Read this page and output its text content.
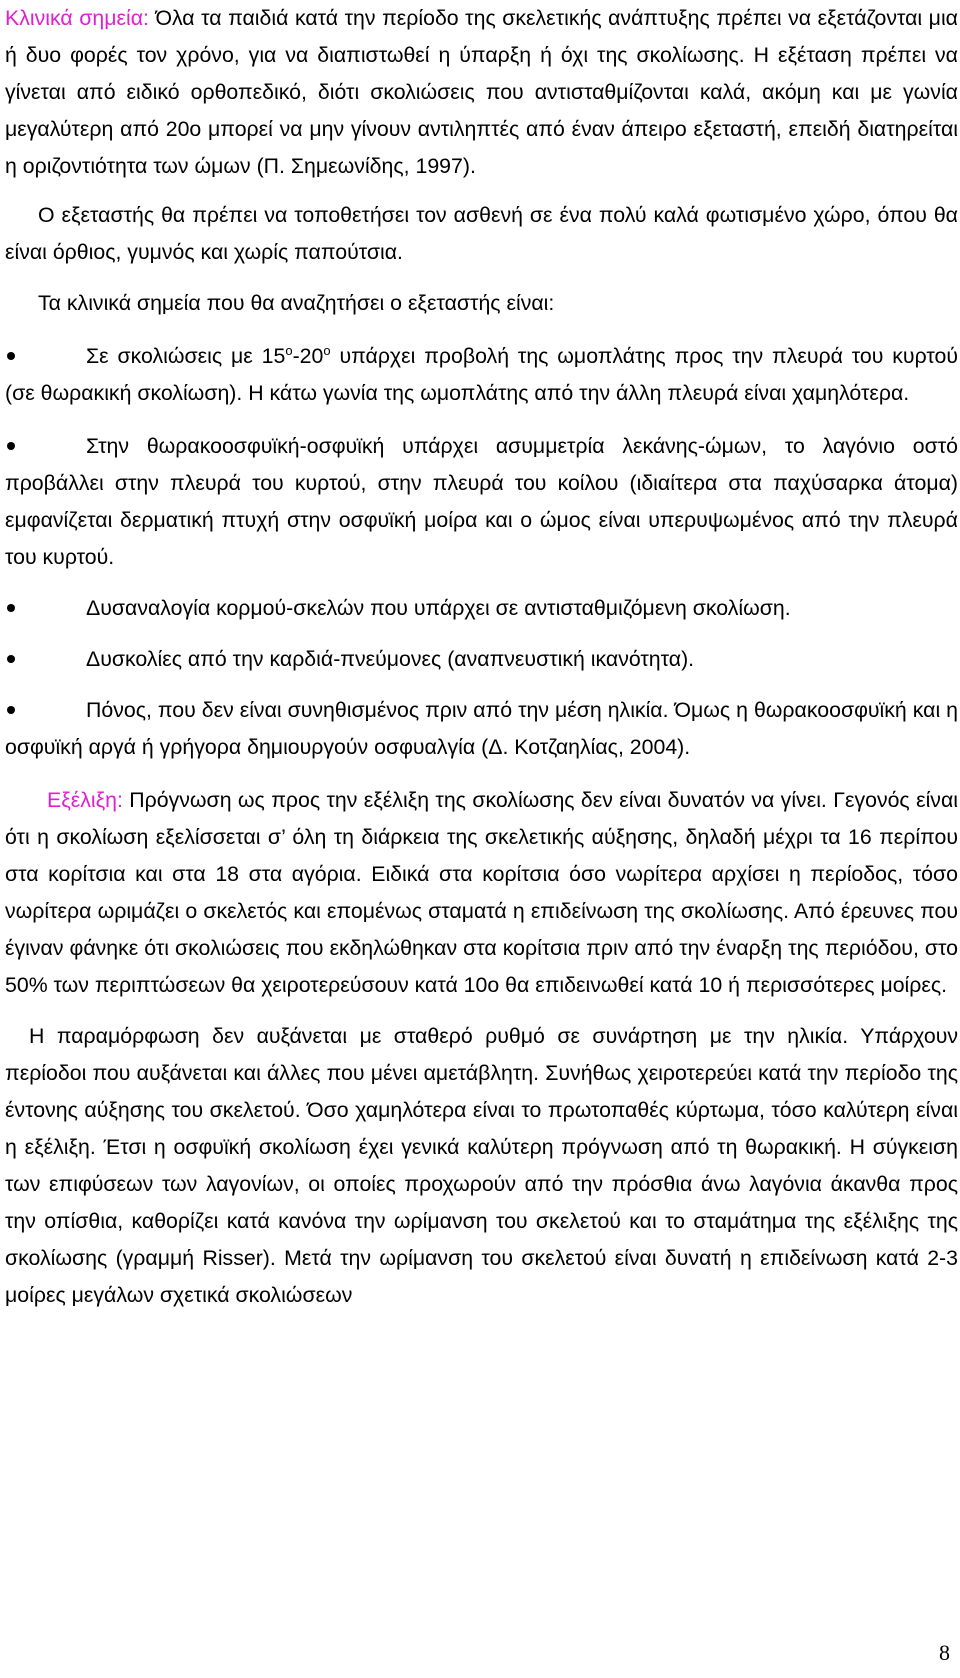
Κλινικά σημεία: Όλα τα παιδιά κατά την περίοδο της σκελετικής ανάπτυξης πρέπει να εξετάζονται μια ή δυο φορές τον χρόνο, για να διαπιστωθεί η ύπαρξη ή όχι της σκολίωσης. Η εξέταση πρέπει να γίνεται από ειδικό ορθοπεδικό, διότι σκολιώσεις που αντισταθμίζονται καλά, ακόμη και με γωνία μεγαλύτερη από 20ο μπορεί να μην γίνουν αντιληπτές από έναν άπειρο εξεταστή, επειδή διατηρείται η οριζοντιότητα των ώμων (Π. Σημεωνίδης, 1997).

Ο εξεταστής θα πρέπει να τοποθετήσει τον ασθενή σε ένα πολύ καλά φωτισμένο χώρο, όπου θα είναι όρθιος, γυμνός και χωρίς παπούτσια.

Τα κλινικά σημεία που θα αναζητήσει ο εξεταστής είναι:

Σε σκολιώσεις με $15^o-20^o$ υπάρχει προβολή της ωμοπλάτης προς την πλευρά του κυρτού (σε θωρακική σκολίωση). Η κάτω γωνία της ωμοπλάτης από την άλλη πλευρά είναι χαμηλότερα.

Στην θωρακοοσφυϊκή-οσφυϊκή υπάρχει ασυμμετρία λεκάνης-ώμων, το λαγόνιο οστό προβάλλει στην πλευρά του κυρτού, στην πλευρά του κοίλου (ιδιαίτερα στα παχύσαρκα άτομα) εμφανίζεται δερματική πτυχή στην οσφυϊκή μοίρα και ο ώμος είναι υπερυψωμένος από την πλευρά του κυρτού.

Δυσαναλογία κορμού-σκελών που υπάρχει σε αντισταθμιζόμενη σκολίωση.

Δυσκολίες από την καρδιά-πνεύμονες (αναπνευστική ικανότητα).

Πόνος, που δεν είναι συνηθισμένος πριν από την μέση ηλικία. Όμως η θωρακοοσφυϊκή και η οσφυϊκή αργά ή γρήγορα δημιουργούν οσφυαλγία (Δ. Κοτζαηλίας, 2004).

Εξέλιξη: Πρόγνωση ως προς την εξέλιξη της σκολίωσης δεν είναι δυνατόν να γίνει. Γεγονός είναι ότι η σκολίωση εξελίσσεται σ’ όλη τη διάρκεια της σκελετικής αύξησης, δηλαδή μέχρι τα 16 περίπου στα κορίτσια και στα 18 στα αγόρια. Ειδικά στα κορίτσια όσο νωρίτερα αρχίσει η περίοδος, τόσο νωρίτερα ωριμάζει ο σκελετός και επομένως σταματά η επιδείνωση της σκολίωσης. Από έρευνες που έγιναν φάνηκε ότι σκολιώσεις που εκδηλώθηκαν στα κορίτσια πριν από την έναρξη της περιόδου, στο 50% των περιπτώσεων θα χειροτερεύσουν κατά 10ο θα επιδεινωθεί κατά 10 ή περισσότερες μοίρες.

Η παραμόρφωση δεν αυξάνεται με σταθερό ρυθμό σε συνάρτηση με την ηλικία. Υπάρχουν περίοδοι που αυξάνεται και άλλες που μένει αμετάβλητη. Συνήθως χειροτερεύει κατά την περίοδο της έντονης αύξησης του σκελετού. Όσο χαμηλότερα είναι το πρωτοπαθές κύρτωμα, τόσο καλύτερη είναι η εξέλιξη. Έτσι η οσφυϊκή σκολίωση έχει γενικά καλύτερη πρόγνωση από τη θωρακική. Η σύγκειση των επιφύσεων των λαγονίων, οι οποίες προχωρούν από την πρόσθια άνω λαγόνια άκανθα προς την οπίσθια, καθορίζει κατά κανόνα την ωρίμανση του σκελετού και το σταμάτημα της εξέλιξης της σκολίωσης (γραμμή Risser). Μετά την ωρίμανση του σκελετού είναι δυνατή η επιδείνωση κατά 2-3 μοίρες μεγάλων σχετικά σκολιώσεων

8
